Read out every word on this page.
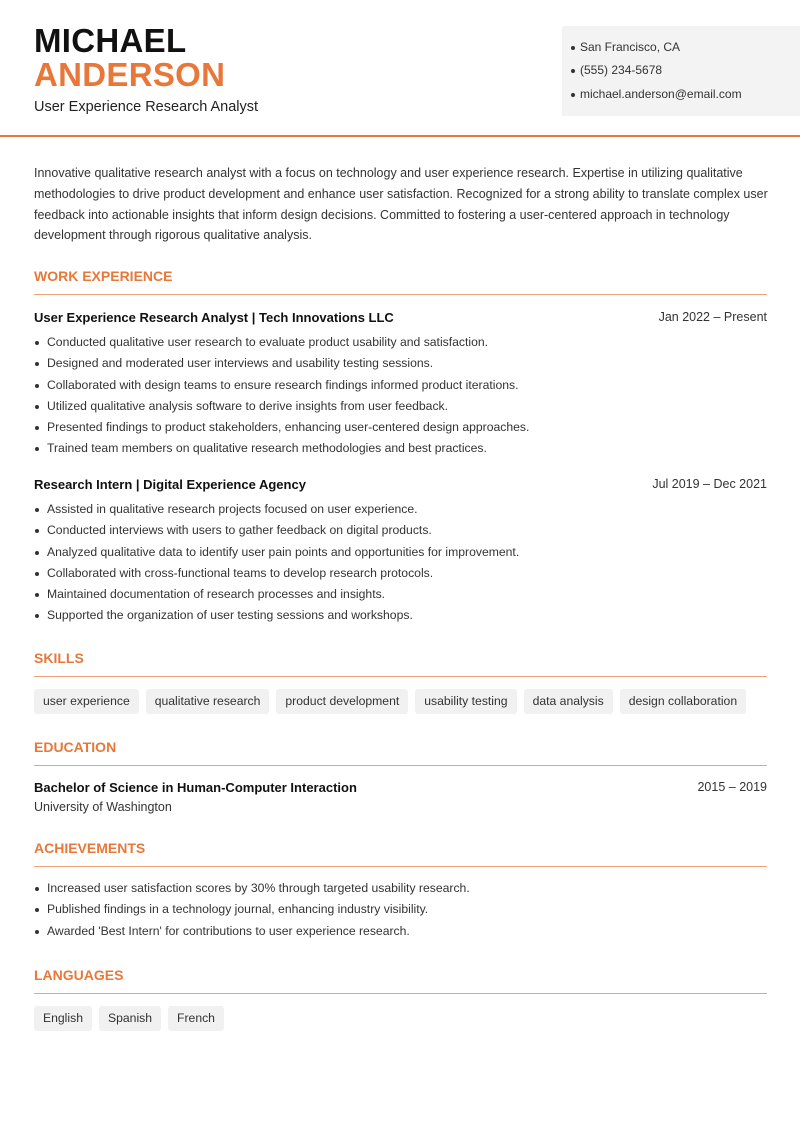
MICHAEL
ANDERSON
User Experience Research Analyst
San Francisco, CA
(555) 234-5678
michael.anderson@email.com

Innovative qualitative research analyst with a focus on technology and user experience research. Expertise in utilizing qualitative methodologies to drive product development and enhance user satisfaction. Recognized for a strong ability to translate complex user feedback into actionable insights that inform design decisions. Committed to fostering a user-centered approach in technology development through rigorous qualitative analysis.

WORK EXPERIENCE
User Experience Research Analyst | Tech Innovations LLC	Jan 2022 – Present
Conducted qualitative user research to evaluate product usability and satisfaction.
Designed and moderated user interviews and usability testing sessions.
Collaborated with design teams to ensure research findings informed product iterations.
Utilized qualitative analysis software to derive insights from user feedback.
Presented findings to product stakeholders, enhancing user-centered design approaches.
Trained team members on qualitative research methodologies and best practices.
Research Intern | Digital Experience Agency	Jul 2019 – Dec 2021
Assisted in qualitative research projects focused on user experience.
Conducted interviews with users to gather feedback on digital products.
Analyzed qualitative data to identify user pain points and opportunities for improvement.
Collaborated with cross-functional teams to develop research protocols.
Maintained documentation of research processes and insights.
Supported the organization of user testing sessions and workshops.
SKILLS
user experience	qualitative research	product development	usability testing	data analysis	design collaboration
EDUCATION
Bachelor of Science in Human-Computer Interaction	2015 – 2019
University of Washington
ACHIEVEMENTS
Increased user satisfaction scores by 30% through targeted usability research.
Published findings in a technology journal, enhancing industry visibility.
Awarded 'Best Intern' for contributions to user experience research.
LANGUAGES
English	Spanish	French
